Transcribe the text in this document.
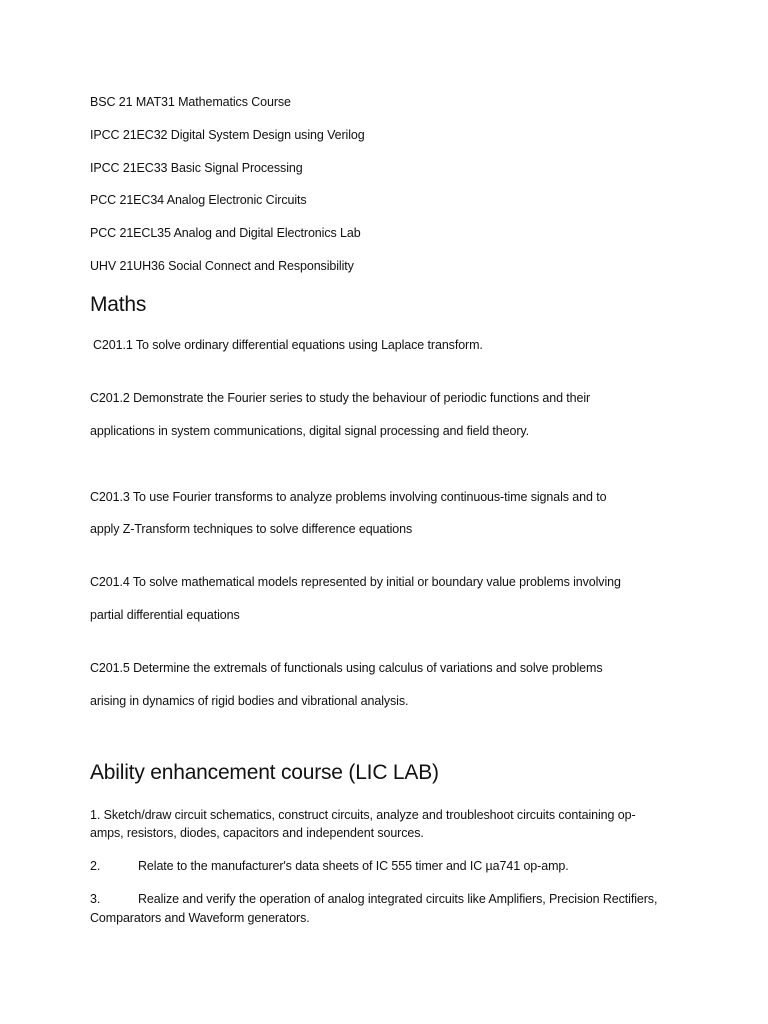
BSC 21 MAT31 Mathematics Course
IPCC 21EC32 Digital System Design using Verilog
IPCC 21EC33 Basic Signal Processing
PCC 21EC34 Analog Electronic Circuits
PCC 21ECL35 Analog and Digital Electronics Lab
UHV 21UH36 Social Connect and Responsibility
Maths
C201.1 To solve ordinary differential equations using Laplace transform.
C201.2 Demonstrate the Fourier series to study the behaviour of periodic functions and their
applications in system communications, digital signal processing and field theory.
C201.3 To use Fourier transforms to analyze problems involving continuous-time signals and to
apply Z-Transform techniques to solve difference equations
C201.4 To solve mathematical models represented by initial or boundary value problems involving
partial differential equations
C201.5 Determine the extremals of functionals using calculus of variations and solve problems
arising in dynamics of rigid bodies and vibrational analysis.
Ability enhancement course (LIC LAB)
1. Sketch/draw circuit schematics, construct circuits, analyze and troubleshoot circuits containing op-amps, resistors, diodes, capacitors and independent sources.
2.	Relate to the manufacturer's data sheets of IC 555 timer and IC µa741 op-amp.
3.	Realize and verify the operation of analog integrated circuits like Amplifiers, Precision Rectifiers,
Comparators and Waveform generators.
